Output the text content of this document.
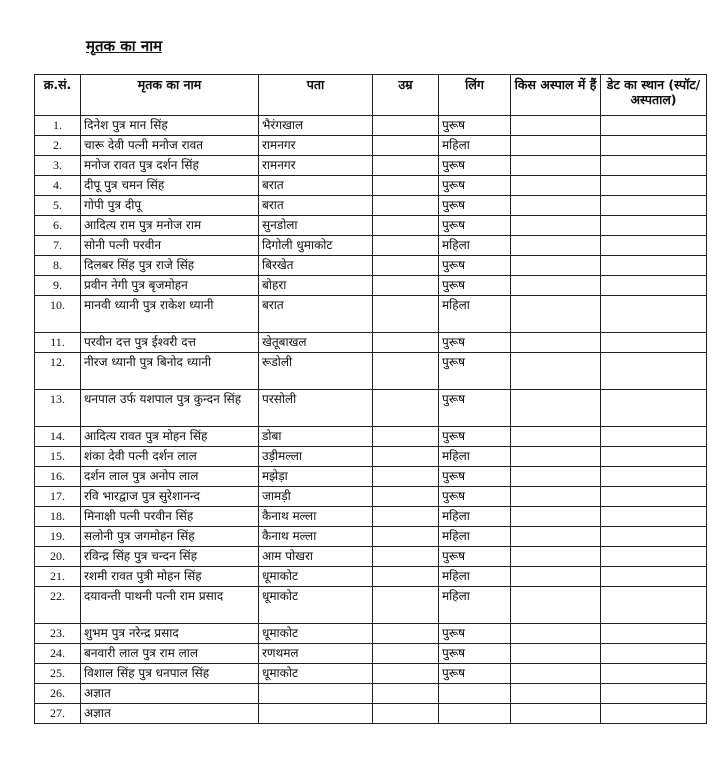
मृतक का नाम
क्र.सं.	मृतक का नाम	पता	उम्र	लिंग	किस अस्पाल में हैं	डेट का स्थान (स्पॉट/अस्पताल)
1.	दिनेश पुत्र मान सिंह	भैरंगखाल		पुरूष		
2.	चारू देवी पत्नी मनोज रावत	रामनगर		महिला		
3.	मनोज रावत पुत्र दर्शन सिंह	रामनगर		पुरूष		
4.	दीपू पुत्र चमन सिंह	बरात		पुरूष		
5.	गोपी पुत्र दीपू	बरात		पुरूष		
6.	आदित्य राम पुत्र मनोज राम	सुनडोला		पुरूष		
7.	सोनी पत्नी परवीन	दिगोली धुमाकोट		महिला		
8.	दिलबर सिंह पुत्र राजे सिंह	बिरखेत		पुरूष		
9.	प्रवीन नेगी पुत्र बृजमोहन	बोहरा		पुरूष		
10.	मानवी ध्यानी पुत्र राकेश ध्यानी	बरात		महिला		
11.	परवीन दत्त पुत्र ईश्वरी दत्त	खेतूबाखल		पुरूष		
12.	नीरज ध्यानी पुत्र बिनोद ध्यानी	रूडोली		पुरूष		
13.	धनपाल उर्फ यशपाल पुत्र कुन्दन सिंह	परसोली		पुरूष		
14.	आदित्य रावत पुत्र मोहन सिंह	डोबा		पुरूष		
15.	शंका देवी पत्नी दर्शन लाल	उड़ीमल्ला		महिला		
16.	दर्शन लाल पुत्र अनोप लाल	मझेड़ा		पुरूष		
17.	रवि भारद्वाज पुत्र सुरेशानन्द	जामड़ी		पुरूष		
18.	मिनाक्षी पत्नी परवीन सिंह	कैनाथ मल्ला		महिला		
19.	सलोनी पुत्र जगमोहन सिंह	कैनाथ मल्ला		महिला		
20.	रविन्द्र सिंह पुत्र चन्दन सिंह	आम पोखरा		पुरूष		
21.	रशमी रावत पुत्री मोहन सिंह	धूमाकोट		महिला		
22.	दयावन्ती पाथनी पत्नी राम प्रसाद	धूमाकोट		महिला		
23.	शुभम पुत्र नरेन्द्र प्रसाद	धूमाकोट		पुरूष		
24.	बनवारी लाल पुत्र राम लाल	रणथमल		पुरूष		
25.	विशाल सिंह पुत्र धनपाल सिंह	धूमाकोट		पुरूष		
26.	अज्ञात					
27.	अज्ञात					
